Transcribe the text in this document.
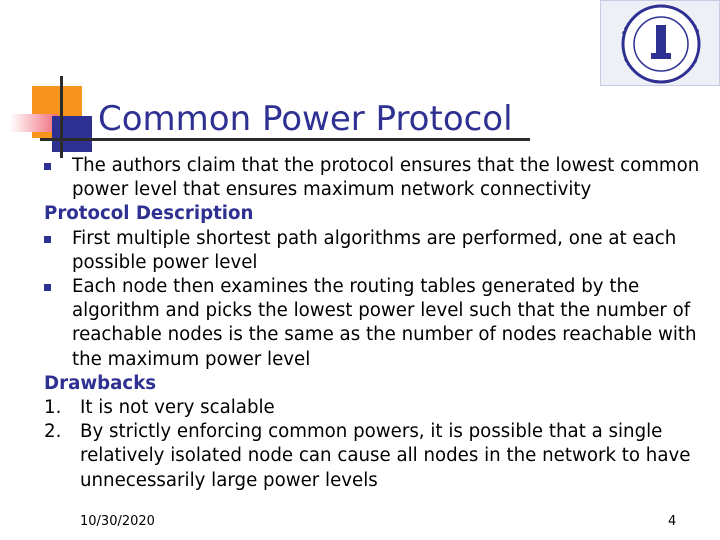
Common Power Protocol
The authors claim that the protocol ensures that the lowest common power level that ensures maximum network connectivity
Protocol Description
First multiple shortest path algorithms are performed, one at each possible power level
Each node then examines the routing tables generated by the algorithm and picks the lowest power level such that the number of reachable nodes is the same as the number of nodes reachable with the maximum power level
Drawbacks
1. It is not very scalable
2. By strictly enforcing common powers, it is possible that a single relatively isolated node can cause all nodes in the network to have unnecessarily large power levels
10/30/2020	4
